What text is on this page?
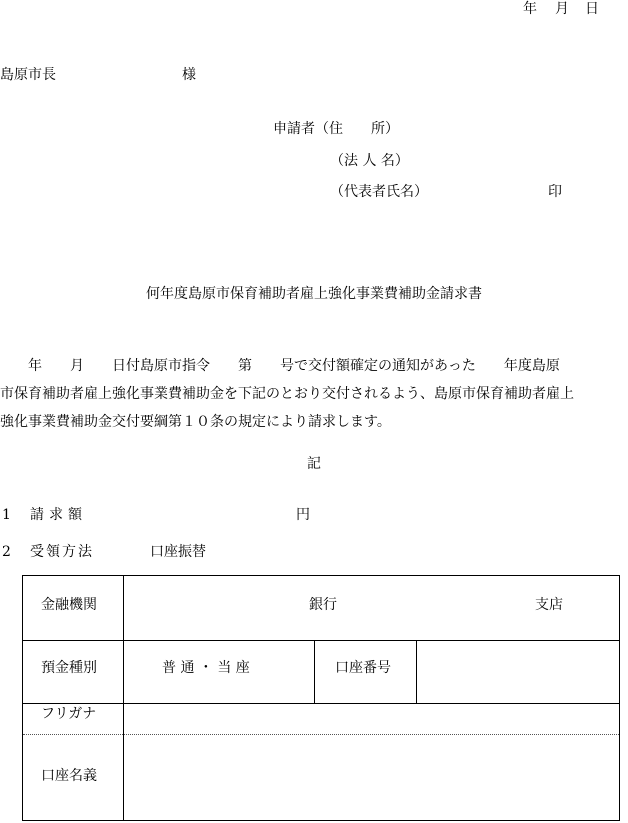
年 月 日
島原市長	様
申請者（住　　所）
（法 人 名）
（代表者氏名）	印
何年度島原市保育補助者雇上強化事業費補助金請求書
　　年　　月　　日付島原市指令　　第　　号で交付額確定の通知があった　　年度島原
市保育補助者雇上強化事業費補助金を下記のとおり交付されるよう、島原市保育補助者雇上
強化事業費補助金交付要綱第１０条の規定により請求します。
記
1 請求額	円
2 受領方法	口座振替
金融機関	銀行	支店
預金種別	普 通 ・ 当 座	口座番号
フリガナ
口座名義
